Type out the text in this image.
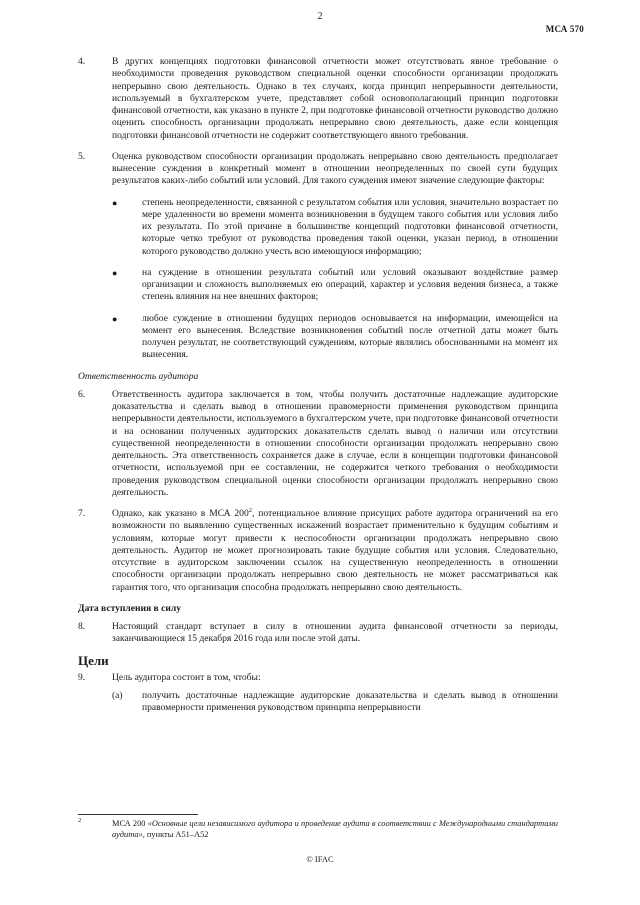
2
МСА 570
4.	В других концепциях подготовки финансовой отчетности может отсутствовать явное требование о необходимости проведения руководством специальной оценки способности организации продолжать непрерывно свою деятельность. Однако в тех случаях, когда принцип непрерывности деятельности, используемый в бухгалтерском учете, представляет собой основополагающий принцип подготовки финансовой отчетности, как указано в пункте 2, при подготовке финансовой отчетности руководство должно оценить способность организации продолжать непрерывно свою деятельность, даже если концепция подготовки финансовой отчетности не содержит соответствующего явного требования.
5.	Оценка руководством способности организации продолжать непрерывно свою деятельность предполагает вынесение суждения в конкретный момент в отношении неопределенных по своей сути будущих результатов каких-либо событий или условий. Для такого суждения имеют значение следующие факторы:
●	степень неопределенности, связанной с результатом события или условия, значительно возрастает по мере удаленности во времени момента возникновения в будущем такого события или условия либо их результата. По этой причине в большинстве концепций подготовки финансовой отчетности, которые четко требуют от руководства проведения такой оценки, указан период, в отношении которого руководство должно учесть всю имеющуюся информацию;
●	на суждение в отношении результата событий или условий оказывают воздействие размер организации и сложность выполняемых ею операций, характер и условия ведения бизнеса, а также степень влияния на нее внешних факторов;
●	любое суждение в отношении будущих периодов основывается на информации, имеющейся на момент его вынесения. Вследствие возникновения событий после отчетной даты может быть получен результат, не соответствующий суждениям, которые являлись обоснованными на момент их вынесения.
Ответственность аудитора
6.	Ответственность аудитора заключается в том, чтобы получить достаточные надлежащие аудиторские доказательства и сделать вывод в отношении правомерности применения руководством принципа непрерывности деятельности, используемого в бухгалтерском учете, при подготовке финансовой отчетности и на основании полученных аудиторских доказательств сделать вывод о наличии или отсутствии существенной неопределенности в отношении способности организации продолжать непрерывно свою деятельность. Эта ответственность сохраняется даже в случае, если в концепции подготовки финансовой отчетности, используемой при ее составлении, не содержится четкого требования о необходимости проведения руководством специальной оценки способности организации продолжать непрерывно свою деятельность.
7.	Однако, как указано в МСА $200^2$, потенциальное влияние присущих работе аудитора ограничений на его возможности по выявлению существенных искажений возрастает применительно к будущим событиям и условиям, которые могут привести к неспособности организации продолжать непрерывно свою деятельность. Аудитор не может прогнозировать такие будущие события или условия. Следовательно, отсутствие в аудиторском заключении ссылок на существенную неопределенность в отношении способности организации продолжать непрерывно свою деятельность не может рассматриваться как гарантия того, что организация способна продолжать непрерывно свою деятельность.
Дата вступления в силу
8.	Настоящий стандарт вступает в силу в отношении аудита финансовой отчетности за периоды, заканчивающиеся 15 декабря 2016 года или после этой даты.
Цели
9.	Цель аудитора состоит в том, чтобы:
(a)	получить достаточные надлежащие аудиторские доказательства и сделать вывод в отношении правомерности применения руководством принципа непрерывности
$^2$	МСА 200 «Основные цели независимого аудитора и проведение аудита в соответствии с Международными стандартами аудита», пункты A51–A52
© IFAC
